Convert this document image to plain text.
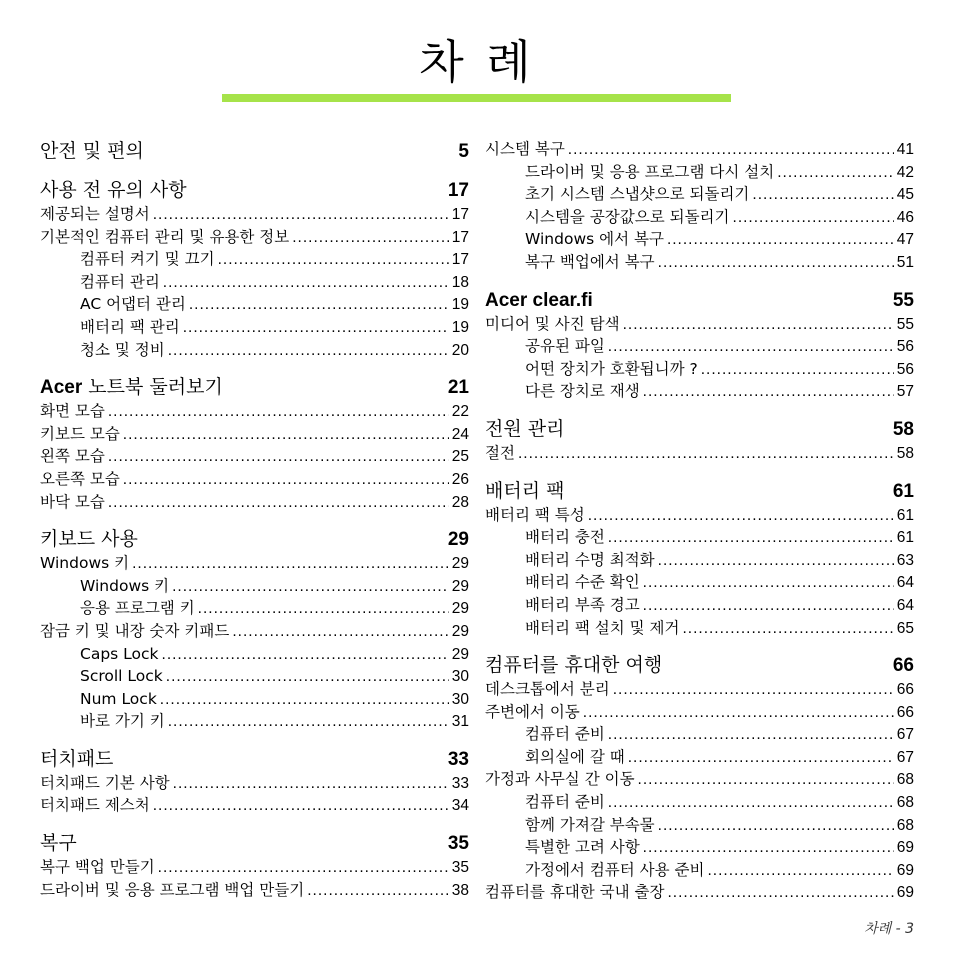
차 례
안전 및 편의	5
사용 전 유의 사항	17
제공되는 설명서 .....	17
기본적인 컴퓨터 관리 및 유용한 정보 .....	17
컴퓨터 켜기 및 끄기 .....	17
컴퓨터 관리 .....	18
AC 어댑터 관리 .....	19
배터리 팩 관리 .....	19
청소 및 정비 .....	20
Acer 노트북 둘러보기	21
화면 모습 .....	22
키보드 모습 .....	24
왼쪽 모습 .....	25
오른쪽 모습 .....	26
바닥 모습 .....	28
키보드 사용	29
Windows 키 .....	29
Windows 키 .....	29
응용 프로그램 키 .....	29
잠금 키 및 내장 숫자 키패드 .....	29
Caps Lock .....	29
Scroll Lock .....	30
Num Lock .....	30
바로 가기 키 .....	31
터치패드	33
터치패드 기본 사항 .....	33
터치패드 제스처 .....	34
복구	35
복구 백업 만들기 .....	35
드라이버 및 응용 프로그램 백업 만들기 .....	38
시스템 복구 .....	41
드라이버 및 응용 프로그램 다시 설치 .....	42
초기 시스템 스냅샷으로 되돌리기 .....	45
시스템을 공장값으로 되돌리기 .....	46
Windows 에서 복구 .....	47
복구 백업에서 복구 .....	51
Acer clear.fi	55
미디어 및 사진 탐색 .....	55
공유된 파일 .....	56
어떤 장치가 호환됩니까 ? .....	56
다른 장치로 재생 .....	57
전원 관리	58
절전 .....	58
배터리 팩	61
배터리 팩 특성 .....	61
배터리 충전 .....	61
배터리 수명 최적화 .....	63
배터리 수준 확인 .....	64
배터리 부족 경고 .....	64
배터리 팩 설치 및 제거 .....	65
컴퓨터를 휴대한 여행	66
데스크톱에서 분리 .....	66
주변에서 이동 .....	66
컴퓨터 준비 .....	67
회의실에 갈 때 .....	67
가정과 사무실 간 이동 .....	68
컴퓨터 준비 .....	68
함께 가져갈 부속물 .....	68
특별한 고려 사항 .....	69
가정에서 컴퓨터 사용 준비 .....	69
컴퓨터를 휴대한 국내 출장 .....	69
차례 - 3
